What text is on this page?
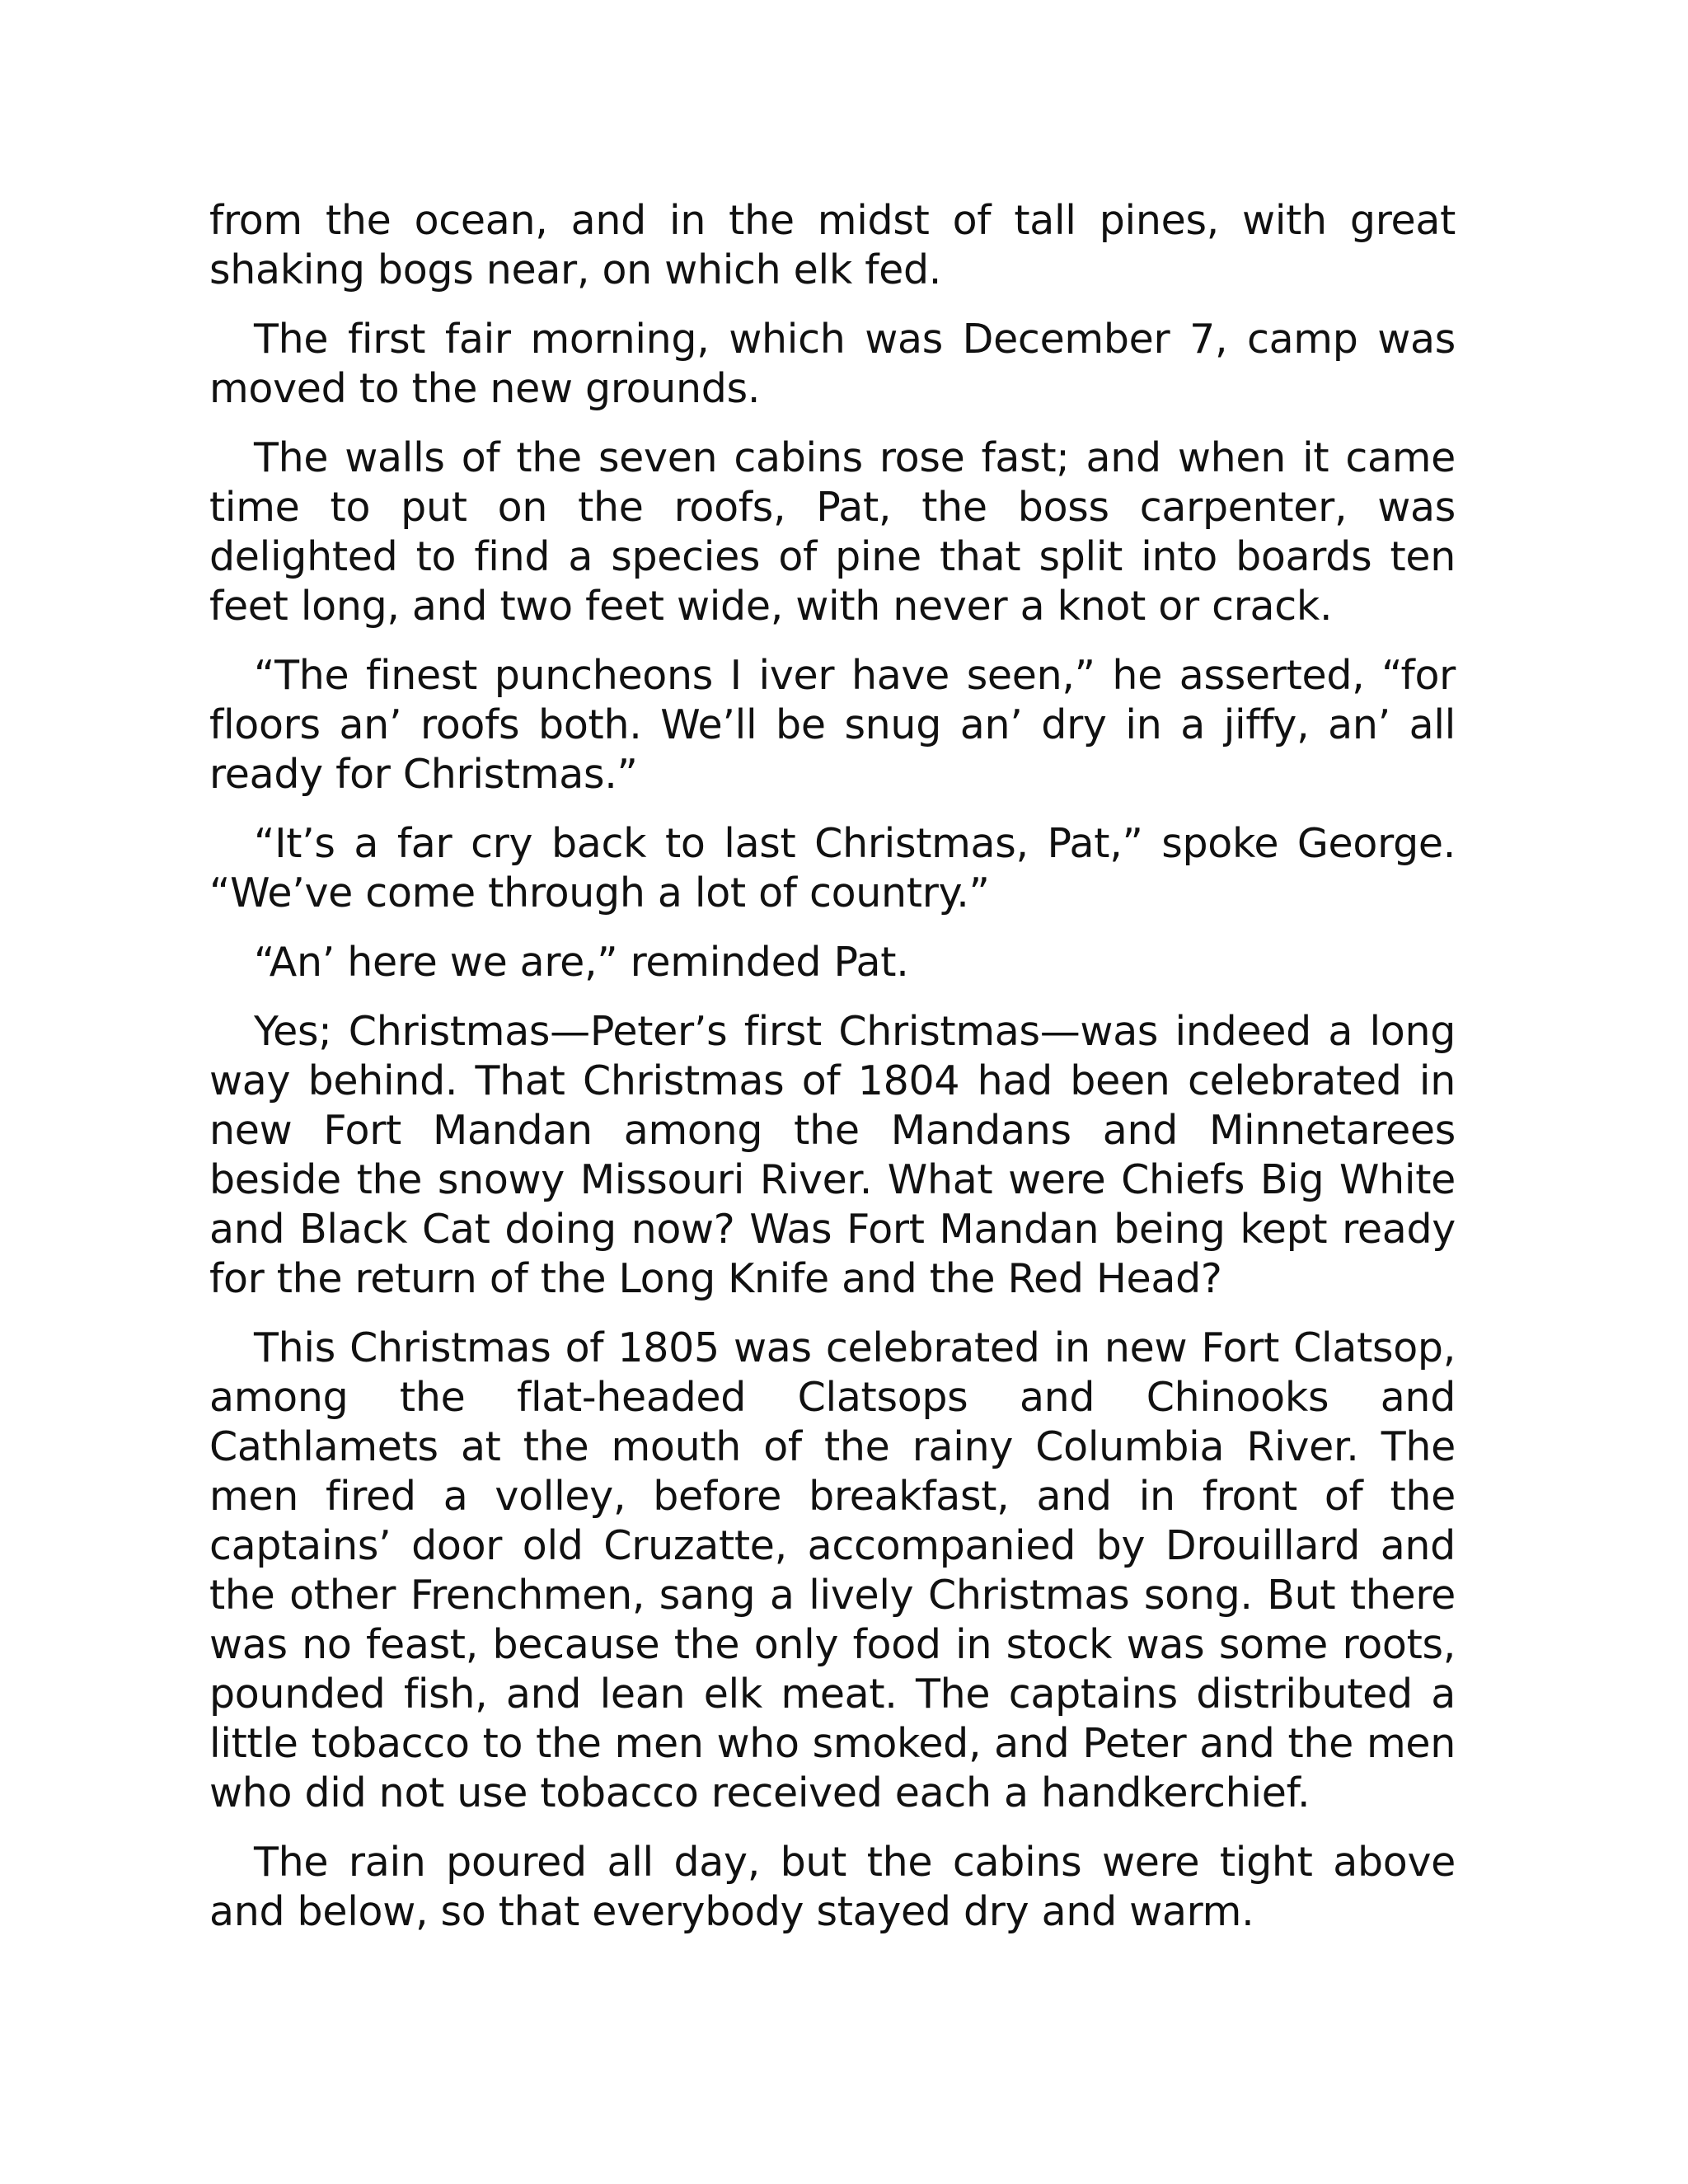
from the ocean, and in the midst of tall pines, with great shaking bogs near, on which elk fed.

The first fair morning, which was December 7, camp was moved to the new grounds.

The walls of the seven cabins rose fast; and when it came time to put on the roofs, Pat, the boss carpenter, was delighted to find a species of pine that split into boards ten feet long, and two feet wide, with never a knot or crack.

“The finest puncheons I iver have seen,” he asserted, “for floors an’ roofs both. We’ll be snug an’ dry in a jiffy, an’ all ready for Christmas.”

“It’s a far cry back to last Christmas, Pat,” spoke George. “We’ve come through a lot of country.”

“An’ here we are,” reminded Pat.

Yes; Christmas—Peter’s first Christmas—was indeed a long way behind. That Christmas of 1804 had been celebrated in new Fort Mandan among the Mandans and Minnetarees beside the snowy Missouri River. What were Chiefs Big White and Black Cat doing now? Was Fort Mandan being kept ready for the return of the Long Knife and the Red Head?

This Christmas of 1805 was celebrated in new Fort Clatsop, among the flat-headed Clatsops and Chinooks and Cathlamets at the mouth of the rainy Columbia River. The men fired a volley, before breakfast, and in front of the captains’ door old Cruzatte, accompanied by Drouillard and the other Frenchmen, sang a lively Christmas song. But there was no feast, because the only food in stock was some roots, pounded fish, and lean elk meat. The captains distributed a little tobacco to the men who smoked, and Peter and the men who did not use tobacco received each a handkerchief.

The rain poured all day, but the cabins were tight above and below, so that everybody stayed dry and warm.
